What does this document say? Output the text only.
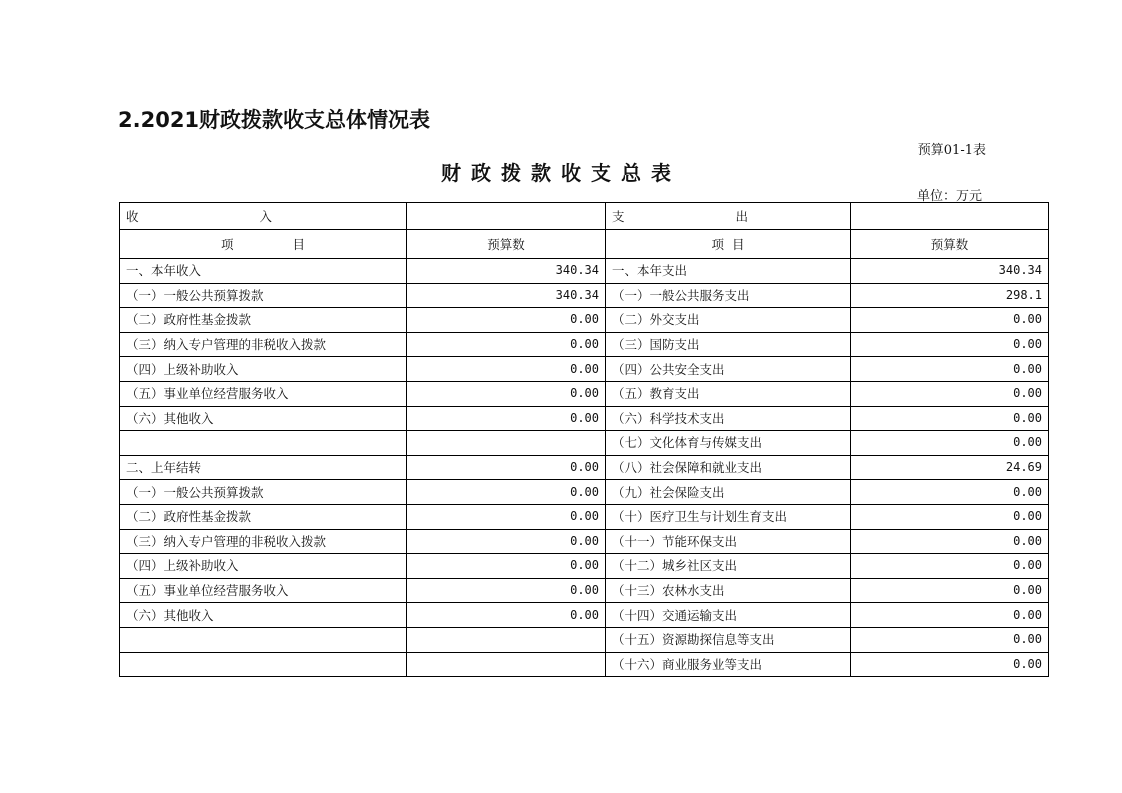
2.2021财政拨款收支总体情况表
预算01-1表
财政拨款收支总表
单位：万元
收 入		支 出	

项 目	预算数	项  目	预算数
一、本年收入	340.34	一、本年支出	340.34
（一）一般公共预算拨款	340.34	（一）一般公共服务支出	298.1
（二）政府性基金拨款	0.00	（二）外交支出	0.00
（三）纳入专户管理的非税收入拨款	0.00	（三）国防支出	0.00
（四）上级补助收入	0.00	（四）公共安全支出	0.00
（五）事业单位经营服务收入	0.00	（五）教育支出	0.00
（六）其他收入	0.00	（六）科学技术支出	0.00
		（七）文化体育与传媒支出	0.00
二、上年结转	0.00	（八）社会保障和就业支出	24.69
（一）一般公共预算拨款	0.00	（九）社会保险支出	0.00
（二）政府性基金拨款	0.00	（十）医疗卫生与计划生育支出	0.00
（三）纳入专户管理的非税收入拨款	0.00	（十一）节能环保支出	0.00
（四）上级补助收入	0.00	（十二）城乡社区支出	0.00
（五）事业单位经营服务收入	0.00	（十三）农林水支出	0.00
（六）其他收入	0.00	（十四）交通运输支出	0.00
		（十五）资源勘探信息等支出	0.00
		（十六）商业服务业等支出	0.00
